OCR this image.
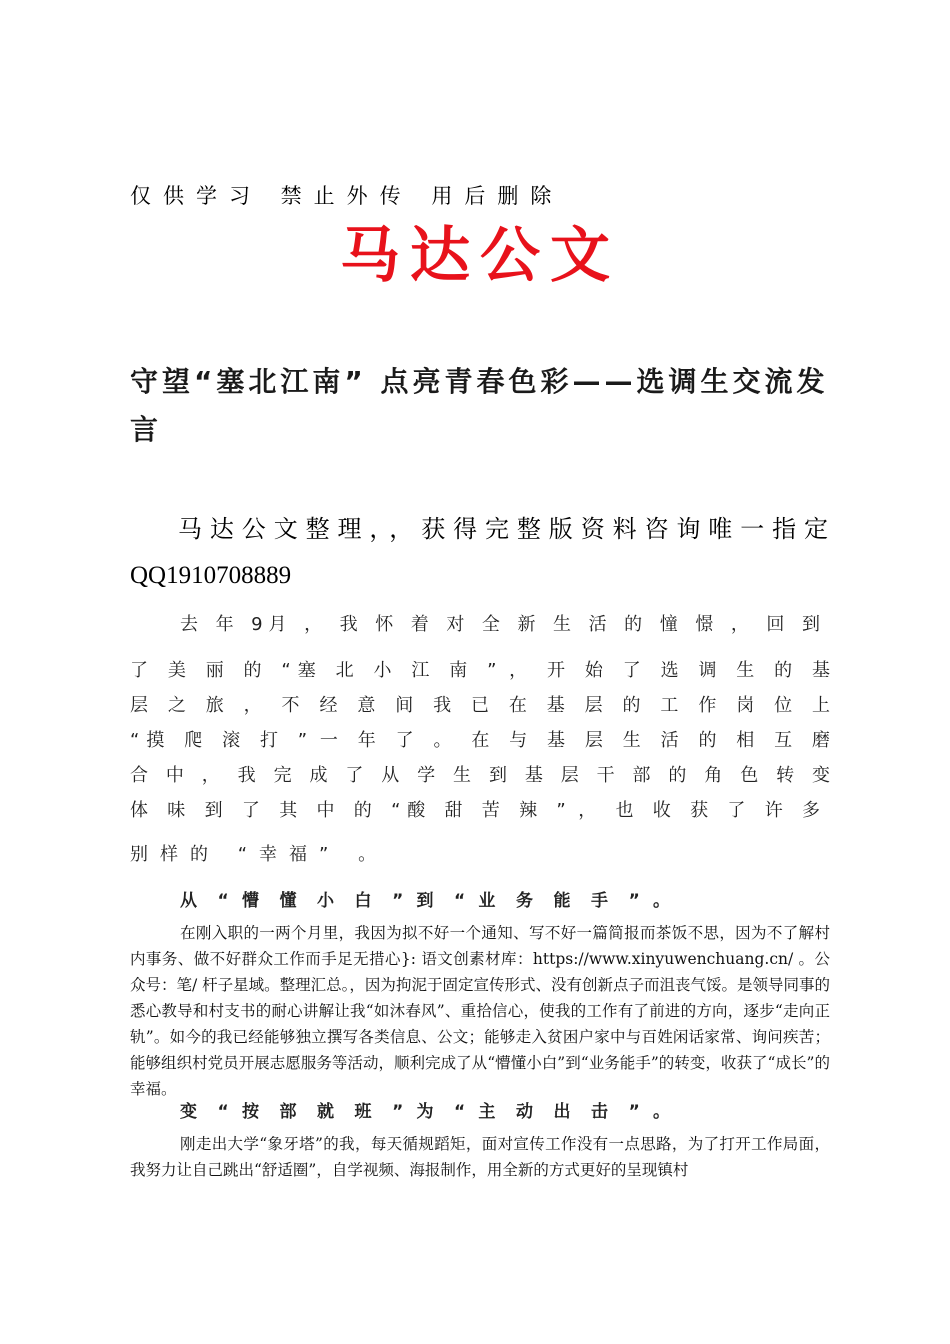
仅供学习 禁止外传 用后删除
马达公文
守望“塞北江南” 点亮青春色彩——选调生交流发言
马达公文整理，，获得完整版资料咨询唯一指定QQ1910708889
去 年 9月 ， 我 怀 着 对 全 新 生 活 的 憧 憬 ， 回 到
了 美 丽 的 “塞 北 小 江 南 ” ， 开 始 了 选 调 生 的 基
层 之 旅 ， 不 经 意 间 我 已 在 基 层 的 工 作 岗 位 上
“摸 爬 滚 打 ” 一 年 了 。 在 与 基 层 生 活 的 相 互 磨
合 中 ， 我 完 成 了 从 学 生 到 基 层 干 部 的 角 色 转 变
体 味 到 了 其 中 的 “酸 甜 苦 辣 ” ， 也 收 获 了 许 多
别样的 “幸福” 。
从 “ 懵 懂 小 白 ” 到 “ 业 务 能 手 ” 。
在刚入职的一两个月里，我因为拟不好一个通知、写不好一篇简报而茶饭不思，因为不了解村内事务、做不好群众工作而手足无措心}: 语文创素材库：https://www.xinyuwenchuang.cn/ 。公众号：笔/ 杆子星域。整理汇总。，因为拘泥于固定宣传形式、没有创新点子而沮丧气馁。是领导同事的悉心教导和村支书的耐心讲解让我“如沐春风”、重拾信心，使我的工作有了前进的方向，逐步“走向正轨”。如今的我已经能够独立撰写各类信息、公文；能够走入贫困户家中与百姓闲话家常、询问疾苦；能够组织村党员开展志愿服务等活动，顺利完成了从“懵懂小白”到“业务能手”的转变，收获了“成长”的幸福。
变 “ 按 部 就 班 ” 为 “ 主 动 出 击 ” 。
刚走出大学“象牙塔”的我，每天循规蹈矩，面对宣传工作没有一点思路，为了打开工作局面，我努力让自己跳出“舒适圈”，自学视频、海报制作，用全新的方式更好的呈现镇村
